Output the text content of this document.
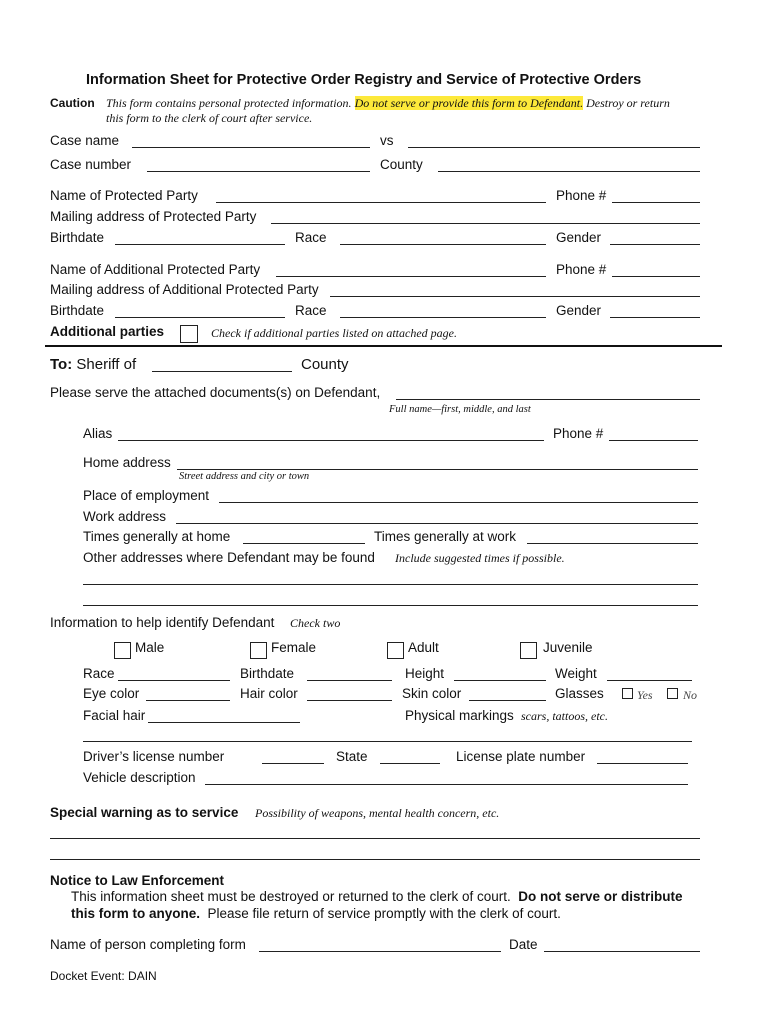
Information Sheet for Protective Order Registry and Service of Protective Orders
Caution This form contains personal protected information. Do not serve or provide this form to Defendant. Destroy or return
this form to the clerk of court after service.
Case name	vs
Case number	County
Name of Protected Party	Phone #
Mailing address of Protected Party
Birthdate	Race	Gender
Name of Additional Protected Party	Phone #
Mailing address of Additional Protected Party
Birthdate	Race	Gender
Additional parties	Check if additional parties listed on attached page.
To: Sheriff of	County
Please serve the attached documents(s) on Defendant,
Full name—first, middle, and last
Alias	Phone #
Home address
Street address and city or town
Place of employment
Work address
Times generally at home	Times generally at work
Other addresses where Defendant may be found Include suggested times if possible.
Information to help identify Defendant Check two
Male	Female	Adult	Juvenile
Race	Birthdate	Height	Weight
Eye color	Hair color	Skin color	Glasses	Yes	No
Facial hair	Physical markings scars, tattoos, etc.
Driver’s license number	State	License plate number
Vehicle description
Special warning as to service Possibility of weapons, mental health concern, etc.
Notice to Law Enforcement
This information sheet must be destroyed or returned to the clerk of court. Do not serve or distribute
this form to anyone. Please file return of service promptly with the clerk of court.
Name of person completing form	Date
Docket Event: DAIN
